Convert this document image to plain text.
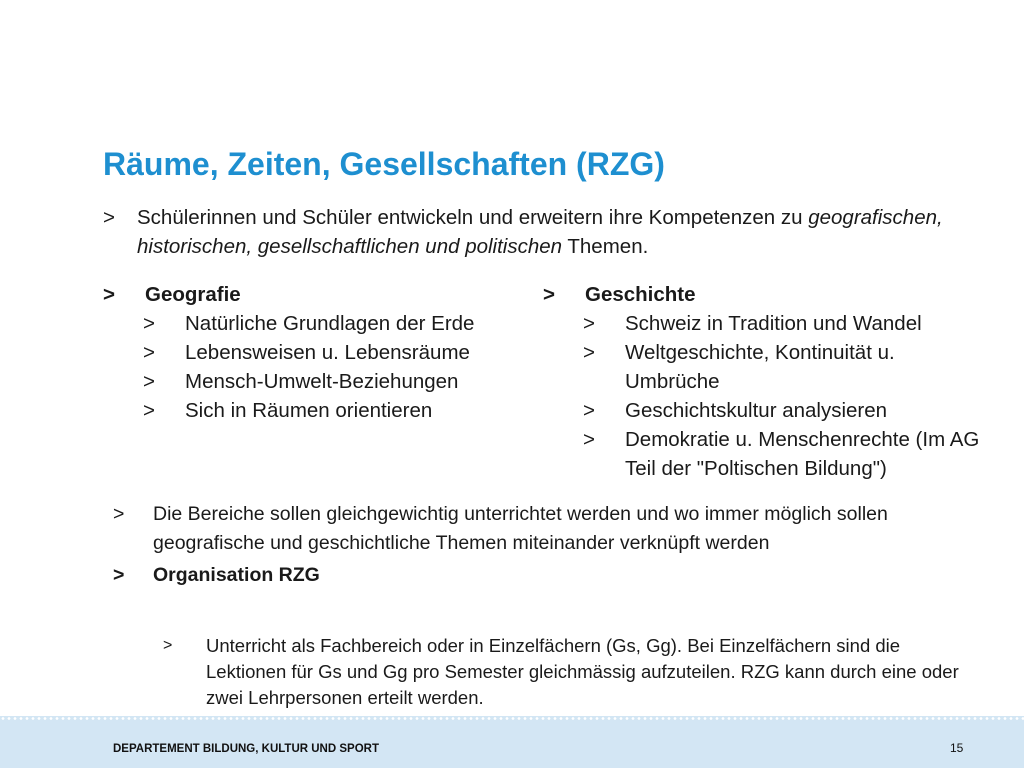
Räume, Zeiten, Gesellschaften (RZG)
> Schülerinnen und Schüler entwickeln und erweitern ihre Kompetenzen zu geografischen, historischen, gesellschaftlichen und politischen Themen.
> Geografie
> Natürliche Grundlagen der Erde
> Lebensweisen u. Lebensräume
> Mensch-Umwelt-Beziehungen
> Sich in Räumen orientieren
> Geschichte
> Schweiz in Tradition und Wandel
> Weltgeschichte, Kontinuität u. Umbrüche
> Geschichtskultur analysieren
> Demokratie u. Menschenrechte (Im AG Teil der "Poltischen Bildung")
> Die Bereiche sollen gleichgewichtig unterrichtet werden und wo immer möglich sollen geografische und geschichtliche Themen miteinander verknüpft werden
> Organisation RZG
> Unterricht als Fachbereich oder in Einzelfächern (Gs, Gg). Bei Einzelfächern sind die Lektionen für Gs und Gg pro Semester gleichmässig aufzuteilen. RZG kann durch eine oder zwei Lehrpersonen erteilt werden.
DEPARTEMENT BILDUNG, KULTUR UND SPORT	15
